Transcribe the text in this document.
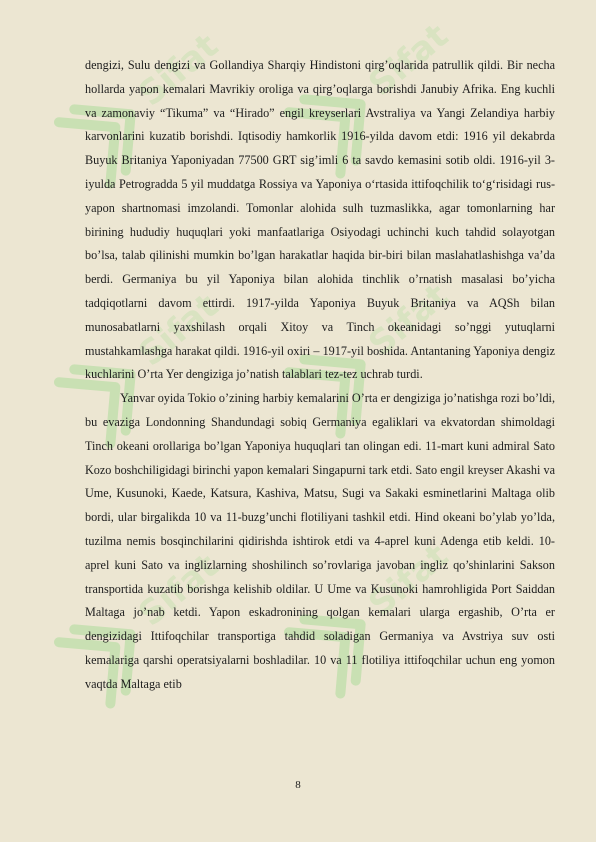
Sifat	Sifat
Sifat	Sifat
Sifat	Sifat

dengizi, Sulu dengizi va Gollandiya Sharqiy Hindistoni qirg’oqlarida patrullik qildi. Bir necha hollarda yapon kemalari Mavrikiy oroliga va qirg’oqlarga borishdi Janubiy Afrika. Eng kuchli va zamonaviy “Tikuma” va “Hirado” engil kreyserlari Avstraliya va Yangi Zelandiya harbiy karvonlarini kuzatib borishdi. Iqtisodiy hamkorlik 1916-yilda davom etdi: 1916 yil dekabrda Buyuk Britaniya Yaponiyadan 77500 GRT sig’imli 6 ta savdo kemasini sotib oldi. 1916-yil 3-iyulda Petrogradda 5 yil muddatga Rossiya va Yaponiya o‘rtasida ittifoqchilik to‘g‘risidagi rus-yapon shartnomasi imzolandi. Tomonlar alohida sulh tuzmaslikka, agar tomonlarning har birining hududiy huquqlari yoki manfaatlariga Osiyodagi uchinchi kuch tahdid solayotgan bo’lsa, talab qilinishi mumkin bo’lgan harakatlar haqida bir-biri bilan maslahatlashishga va’da berdi. Germaniya bu yil Yaponiya bilan alohida tinchlik o’rnatish masalasi bo’yicha tadqiqotlarni davom ettirdi. 1917-yilda Yaponiya Buyuk Britaniya va AQSh bilan munosabatlarni yaxshilash orqali Xitoy va Tinch okeanidagi so’nggi yutuqlarni mustahkamlashga harakat qildi. 1916-yil oxiri – 1917-yil boshida. Antantaning Yaponiya dengiz kuchlarini O’rta Yer dengiziga jo’natish talablari tez-tez uchrab turdi.

Yanvar oyida Tokio o’zining harbiy kemalarini O’rta er dengiziga jo’natishga rozi bo’ldi, bu evaziga Londonning Shandundagi sobiq Germaniya egaliklari va ekvatordan shimoldagi Tinch okeani orollariga bo’lgan Yaponiya huquqlari tan olingan edi. 11-mart kuni admiral Sato Kozo boshchiligidagi birinchi yapon kemalari Singapurni tark etdi. Sato engil kreyser Akashi va Ume, Kusunoki, Kaede, Katsura, Kashiva, Matsu, Sugi va Sakaki esminetlarini Maltaga olib bordi, ular birgalikda 10 va 11-buzg’unchi flotiliyani tashkil etdi. Hind okeani bo’ylab yo’lda, tuzilma nemis bosqinchilarini qidirishda ishtirok etdi va 4-aprel kuni Adenga etib keldi. 10-aprel kuni Sato va inglizlarning shoshilinch so’rovlariga javoban ingliz qo’shinlarini Sakson transportida kuzatib borishga kelishib oldilar. U Ume va Kusunoki hamrohligida Port Saiddan Maltaga jo’nab ketdi. Yapon eskadronining qolgan kemalari ularga ergashib, O’rta er dengizidagi Ittifoqchilar transportiga tahdid soladigan Germaniya va Avstriya suv osti kemalariga qarshi operatsiyalarni boshladilar. 10 va 11 flotiliya ittifoqchilar uchun eng yomon vaqtda Maltaga etib

8
